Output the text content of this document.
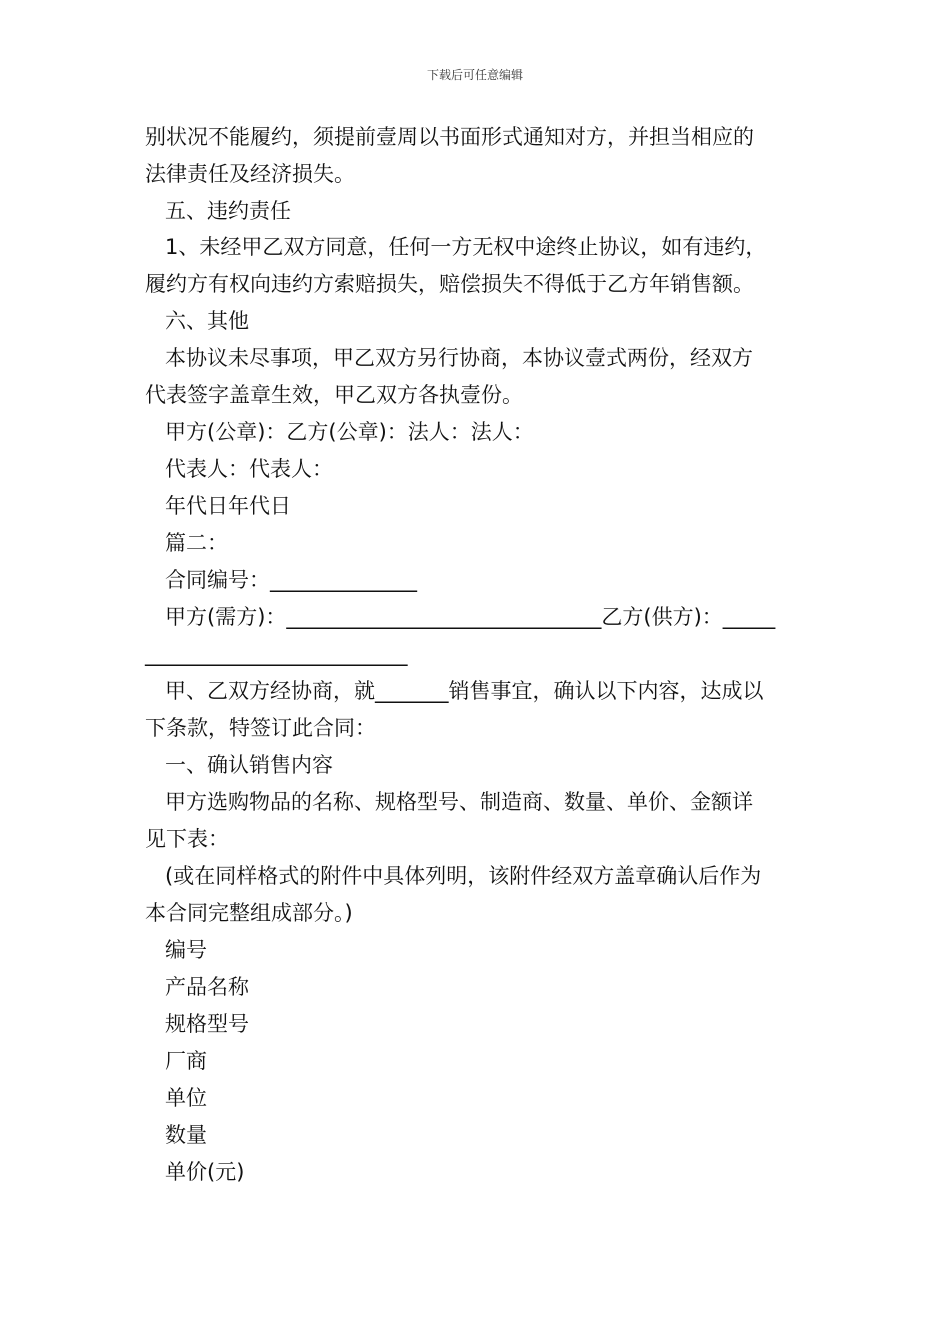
下载后可任意编辑
别状况不能履约，须提前壹周以书面形式通知对方，并担当相应的
法律责任及经济损失。
五、违约责任
1、未经甲乙双方同意，任何一方无权中途终止协议，如有违约，
履约方有权向违约方索赔损失，赔偿损失不得低于乙方年销售额。
六、其他
本协议未尽事项，甲乙双方另行协商，本协议壹式两份，经双方
代表签字盖章生效，甲乙双方各执壹份。
甲方(公章)：乙方(公章)：法人：法人：
代表人：代表人：
年代日年代日
篇二：
合同编号：______________
甲方(需方)：______________________________乙方(供方)：_____
_________________________
甲、乙双方经协商，就_______销售事宜，确认以下内容，达成以
下条款，特签订此合同：
一、确认销售内容
甲方选购物品的名称、规格型号、制造商、数量、单价、金额详
见下表：
(或在同样格式的附件中具体列明，该附件经双方盖章确认后作为
本合同完整组成部分。)
编号
产品名称
规格型号
厂商
单位
数量
单价(元)
